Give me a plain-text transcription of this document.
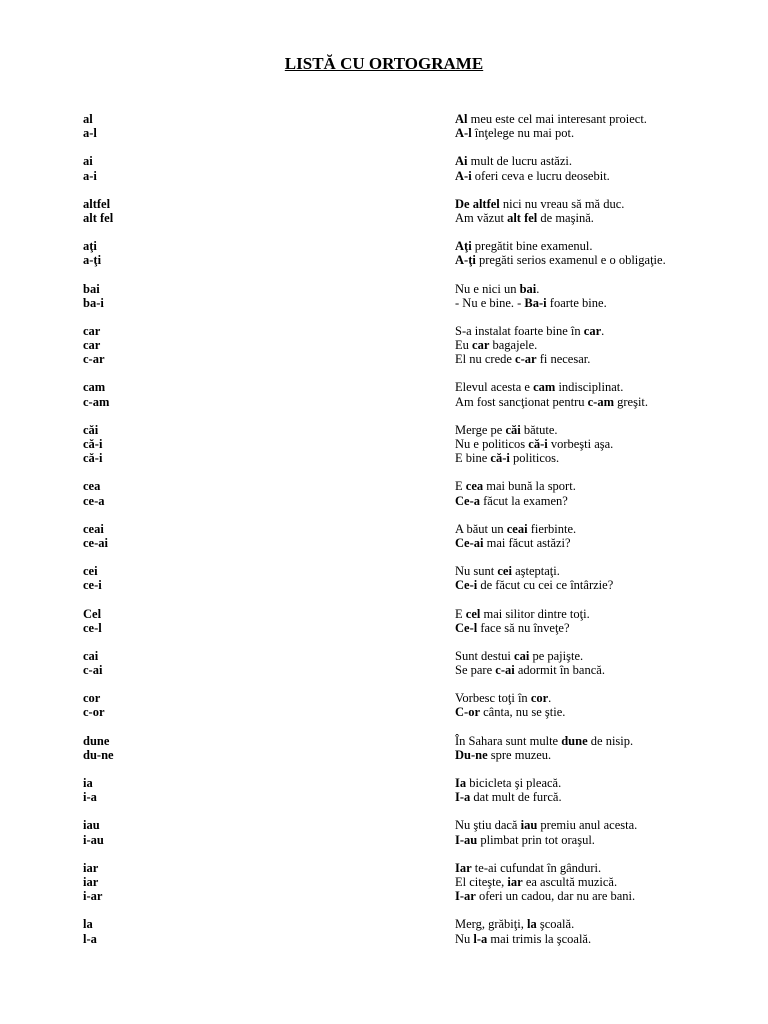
LISTĂ CU ORTOGRAME
al	Al meu este cel mai interesant proiect.
a-l	A-l înţelege nu mai pot.
ai	Ai mult de lucru astăzi.
a-i	A-i oferi ceva e lucru deosebit.
altfel	De altfel nici nu vreau să mă duc.
alt fel	Am văzut alt fel de maşină.
aţi	Aţi pregătit bine examenul.
a-ţi	A-ţi pregăti serios examenul e o obligaţie.
bai	Nu e nici un bai.
ba-i	- Nu e bine. - Ba-i foarte bine.
car	S-a instalat foarte bine în car.
car	Eu car bagajele.
c-ar	El nu crede c-ar fi necesar.
cam	Elevul acesta e cam indisciplinat.
c-am	Am fost sancţionat pentru c-am greşit.
căi	Merge pe căi bătute.
că-i	Nu e politicos că-i vorbeşti aşa.
că-i	E bine că-i politicos.
cea	E cea mai bună la sport.
ce-a	Ce-a făcut la examen?
ceai	A băut un ceai fierbinte.
ce-ai	Ce-ai mai făcut astăzi?
cei	Nu sunt cei aşteptaţi.
ce-i	Ce-i de făcut cu cei ce întârzie?
Cel	E cel mai silitor dintre toţi.
ce-l	Ce-l face să nu înveţe?
cai	Sunt destui cai pe pajişte.
c-ai	Se pare c-ai adormit în bancă.
cor	Vorbesc toţi în cor.
c-or	C-or cânta, nu se ştie.
dune	În Sahara sunt multe dune de nisip.
du-ne	Du-ne spre muzeu.
ia	Ia bicicleta şi pleacă.
i-a	I-a dat mult de furcă.
iau	Nu ştiu dacă iau premiu anul acesta.
i-au	I-au plimbat prin tot oraşul.
iar	Iar te-ai cufundat în gânduri.
iar	El citeşte, iar ea ascultă muzică.
i-ar	I-ar oferi un cadou, dar nu are bani.
la	Merg, grăbiţi, la şcoală.
l-a	Nu l-a mai trimis la şcoală.
